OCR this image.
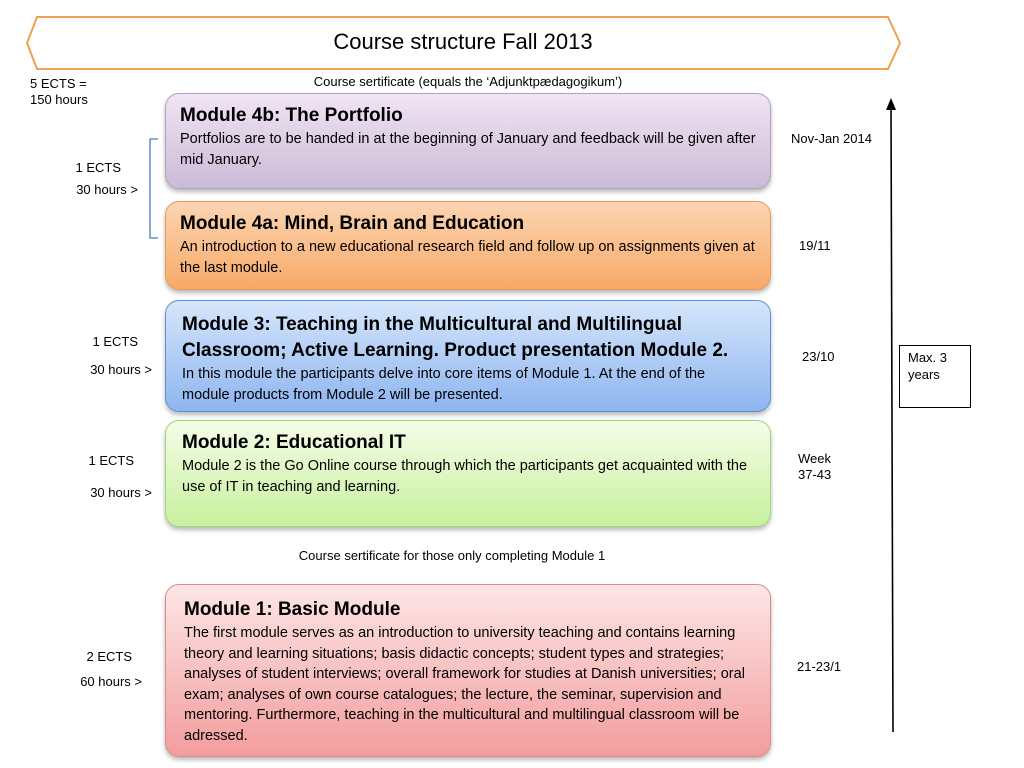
Course structure Fall 2013
5 ECTS =
150 hours
Course sertificate (equals the ‘Adjunktpædagogikum’)
Module 4b: The Portfolio
Portfolios are to be handed in at the beginning of January and feedback will be given after mid January.
Module 4a: Mind, Brain and Education
An introduction to a new educational research field and follow up on assignments given at the last module.
Module 3: Teaching in the Multicultural and Multilingual Classroom; Active Learning. Product presentation Module 2.
In this module the participants delve into core items of Module 1. At the end of the module products from Module 2 will be presented.
Module 2: Educational IT
Module 2 is the Go Online course through which the participants get acquainted with the use of IT in teaching and learning.
Course sertificate for those only completing Module 1
Module 1: Basic Module
The first module serves as an introduction to university teaching and contains learning theory and learning situations; basis didactic concepts; student types and strategies; analyses of student interviews; overall framework for studies at Danish universities; oral exam; analyses of own course catalogues; the lecture, the seminar, supervision and mentoring. Furthermore, teaching in the multicultural and multilingual classroom will be adressed.
1 ECTS
30 hours >
1 ECTS
30 hours >
1 ECTS
30 hours >
2 ECTS
60 hours >
Nov-Jan 2014
19/11
23/10
Week
37-43
21-23/1
Max. 3 years
